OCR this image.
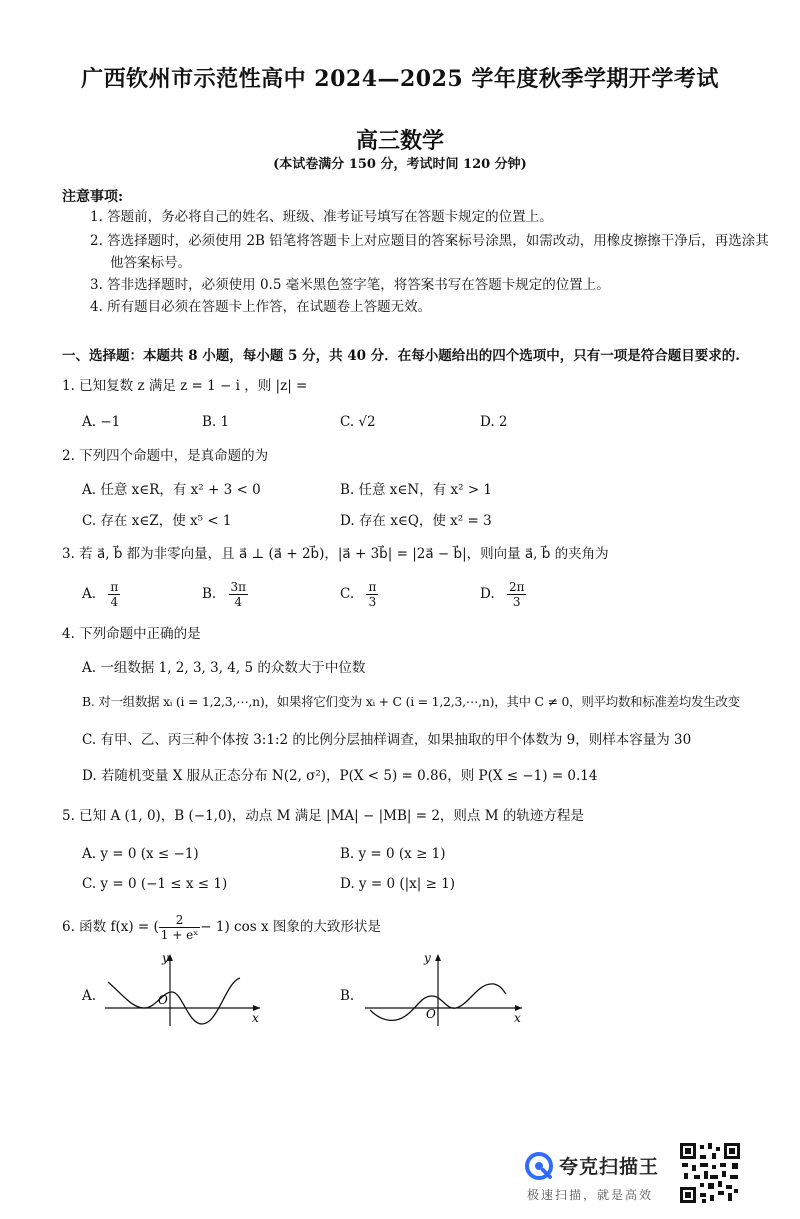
广西钦州市示范性高中 2024—2025 学年度秋季学期开学考试
高三数学
(本试卷满分 150 分，考试时间 120 分钟)
注意事项:
1. 答题前，务必将自己的姓名、班级、准考证号填写在答题卡规定的位置上。
2. 答选择题时，必须使用 2B 铅笔将答题卡上对应题目的答案标号涂黑，如需改动，用橡皮擦擦干净后，再选涂其
他答案标号。
3. 答非选择题时，必须使用 0.5 毫米黑色签字笔，将答案书写在答题卡规定的位置上。
4. 所有题目必须在答题卡上作答，在试题卷上答题无效。
一、选择题：本题共 8 小题，每小题 5 分，共 40 分．在每小题给出的四个选项中，只有一项是符合题目要求的.
1. 已知复数 z 满足 z = 1 − i ，则 |z| =
A. −1	B. 1	C. √2	D. 2
2. 下列四个命题中，是真命题的为
A. 任意 x∈R，有 x² + 3 < 0	B. 任意 x∈N，有 x² > 1
C. 存在 x∈Z，使 x⁵ < 1	D. 存在 x∈Q，使 x² = 3
3. 若 a⃗, b⃗ 都为非零向量，且 a⃗ ⊥ (a⃗ + 2b⃗)，|a⃗ + 3b⃗| = |2a⃗ − b⃗|，则向量 a⃗, b⃗ 的夹角为
A. $\frac{\pi}{4}$	B. $\frac{3\pi}{4}$	C. $\frac{\pi}{3}$	D. $\frac{2\pi}{3}$
4. 下列命题中正确的是
A. 一组数据 1, 2, 3, 3, 4, 5 的众数大于中位数
B. 对一组数据 xᵢ (i = 1,2,3,⋯,n)，如果将它们变为 xᵢ + C (i = 1,2,3,⋯,n)，其中 C ≠ 0，则平均数和标准差均发生改变
C. 有甲、乙、丙三种个体按 3:1:2 的比例分层抽样调查，如果抽取的甲个体数为 9，则样本容量为 30
D. 若随机变量 X 服从正态分布 N(2, σ²)，P(X < 5) = 0.86，则 P(X ≤ −1) = 0.14
5. 已知 A (1, 0)，B (−1,0)，动点 M 满足 |MA| − |MB| = 2，则点 M 的轨迹方程是
A. y = 0 (x ≤ −1)	B. y = 0 (x ≥ 1)
C. y = 0 (−1 ≤ x ≤ 1)	D. y = 0 (|x| ≥ 1)
6. 函数 f(x) = ( $\frac{2}{\text{1 + eˣ}} - 1$) cos x 图象的大致形状是
A.
y
x
O	B.
y
x
O
夸克扫描王
极速扫描，就是高效
